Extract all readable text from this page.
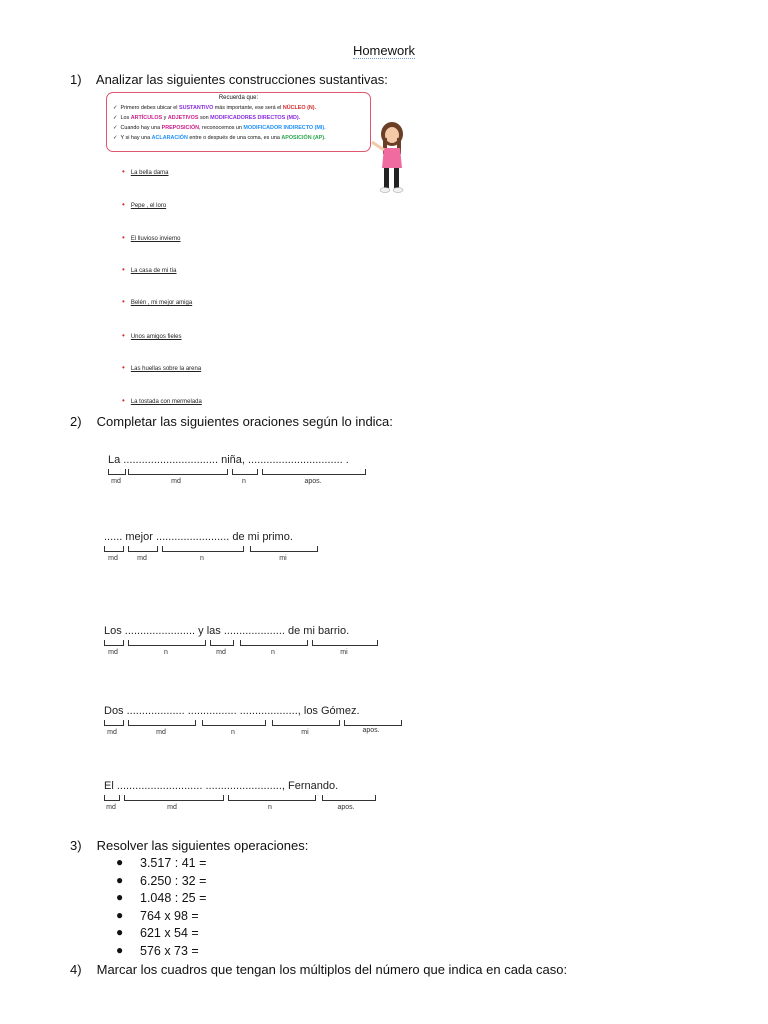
Homework
1) Analizar las siguientes construcciones sustantivas:
Recuerda que:
✓ Primero debes ubicar el SUSTANTIVO más importante, ese será el NÚCLEO (N).
✓ Los ARTÍCULOS y ADJETIVOS son MODIFICADORES DIRECTOS (MD).
✓ Cuando hay una PREPOSICIÓN, reconocemos un MODIFICADOR INDIRECTO (MI).
✓ Y si hay una ACLARACIÓN entre o después de una coma, es una APOSICIÓN (AP).
• La bella dama
• Pepe , el loro
• El lluvioso invierno
• La casa de mi tía
• Belén , mi mejor amiga
• Unos amigos fieles
• Las huellas sobre la arena
• La tostada con mermelada
2) Completar las siguientes oraciones según lo indica:
La ............................... niña, ............................... .
md	md	n	apos.
...... mejor ........................ de mi primo.
md	md	n	mi
Los ....................... y las .................... de mi barrio.
md	n	md	n	mi
Dos ................... ................ ..................., los Gómez.
md	md	n	mi	apos.
El ............................ ........................., Fernando.
md	md	n	apos.
3) Resolver las siguientes operaciones:
● 3.517 : 41 =
● 6.250 : 32 =
● 1.048 : 25 =
● 764 x 98 =
● 621 x 54 =
● 576 x 73 =
4) Marcar los cuadros que tengan los múltiplos del número que indica en cada caso:
